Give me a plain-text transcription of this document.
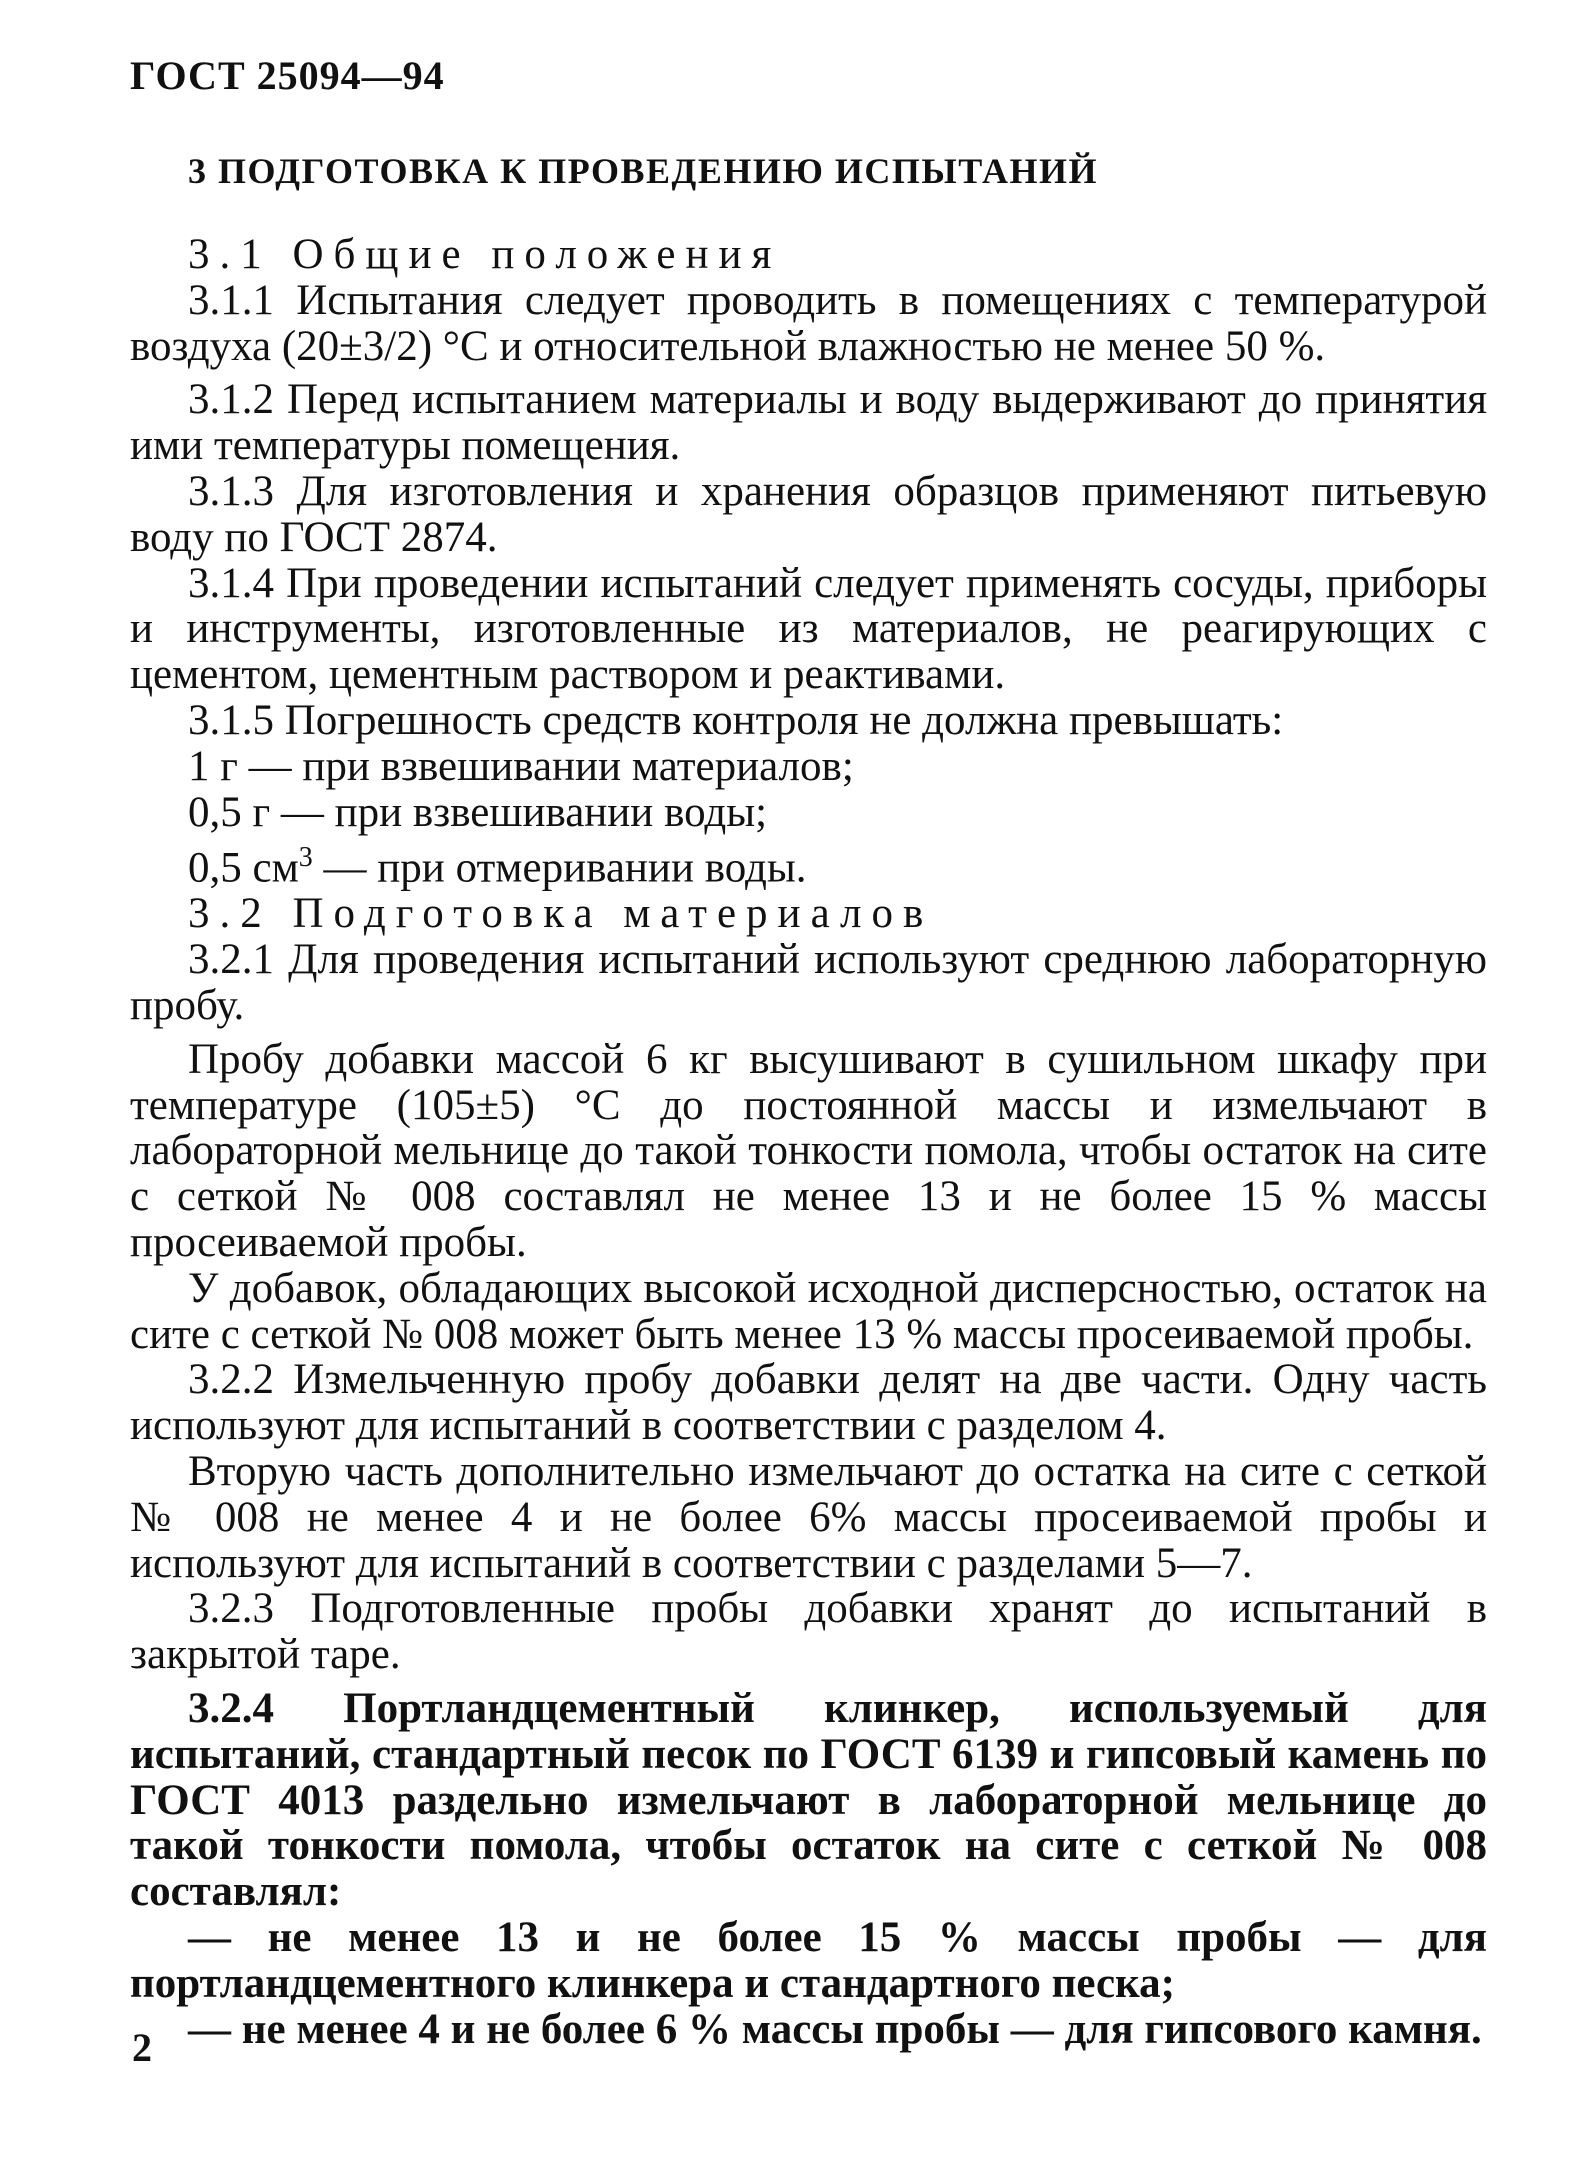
ГОСТ 25094—94
3 ПОДГОТОВКА К ПРОВЕДЕНИЮ ИСПЫТАНИЙ

3.1 Общие положения

3.1.1 Испытания следует проводить в помещениях с температурой воздуха (20±3/2) °С и относительной влажностью не менее 50 %.

3.1.2 Перед испытанием материалы и воду выдерживают до принятия ими температуры помещения.

3.1.3 Для изготовления и хранения образцов применяют питьевую воду по ГОСТ 2874.

3.1.4 При проведении испытаний следует применять сосуды, приборы и инструменты, изготовленные из материалов, не реагирующих с цементом, цементным раствором и реактивами.

3.1.5 Погрешность средств контроля не должна превышать:

1 г — при взвешивании материалов;

0,5 г — при взвешивании воды;

0,5 $см^3$ — при отмеривании воды.

3.2 Подготовка материалов

3.2.1 Для проведения испытаний используют среднюю лабораторную пробу.

Пробу добавки массой 6 кг высушивают в сушильном шкафу при температуре (105±5) °С до постоянной массы и измельчают в лабораторной мельнице до такой тонкости помола, чтобы остаток на сите с сеткой № 008 составлял не менее 13 и не более 15 % массы просеиваемой пробы.

У добавок, обладающих высокой исходной дисперсностью, остаток на сите с сеткой № 008 может быть менее 13 % массы просеиваемой пробы.

3.2.2 Измельченную пробу добавки делят на две части. Одну часть используют для испытаний в соответствии с разделом 4.

Вторую часть дополнительно измельчают до остатка на сите с сеткой № 008 не менее 4 и не более 6% массы просеиваемой пробы и используют для испытаний в соответствии с разделами 5—7.

3.2.3 Подготовленные пробы добавки хранят до испытаний в закрытой таре.

3.2.4 Портландцементный клинкер, используемый для испытаний, стандартный песок по ГОСТ 6139 и гипсовый камень по ГОСТ 4013 раздельно измельчают в лабораторной мельнице до такой тонкости помола, чтобы остаток на сите с сеткой № 008 составлял:

— не менее 13 и не более 15 % массы пробы — для портландцементного клинкера и стандартного песка;

— не менее 4 и не более 6 % массы пробы — для гипсового камня.

2
